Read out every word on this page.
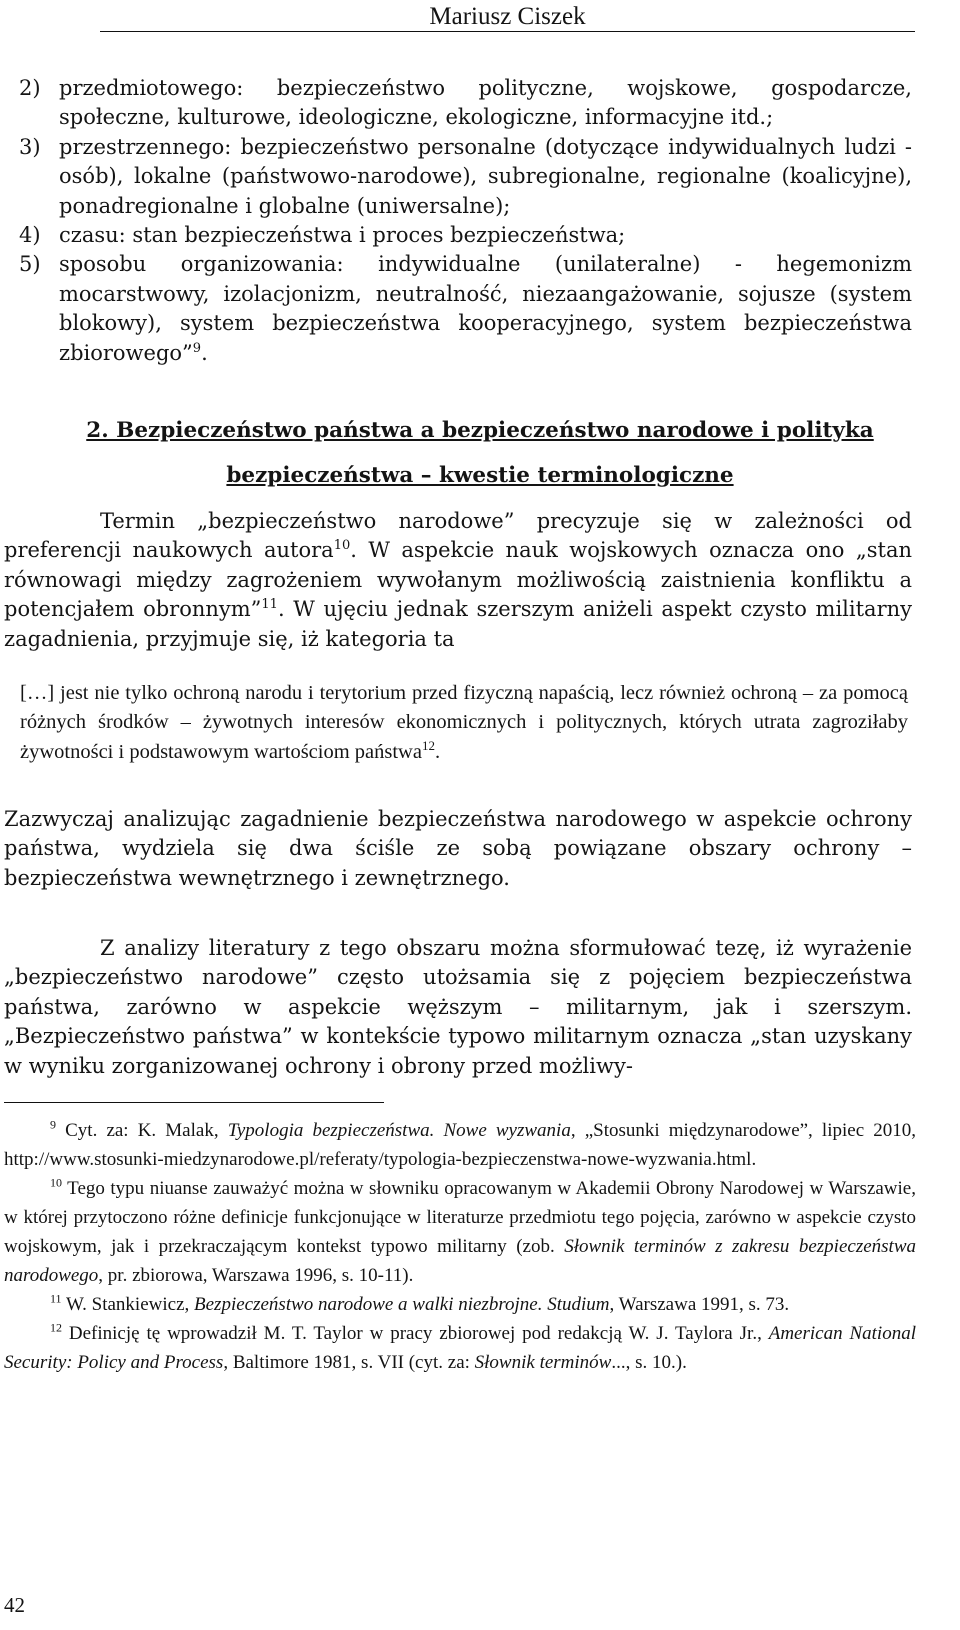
Mariusz Ciszek

2) przedmiotowego: bezpieczeństwo polityczne, wojskowe, gospodarcze, społeczne, kulturowe, ideologiczne, ekologiczne, informacyjne itd.;

3) przestrzennego: bezpieczeństwo personalne (dotyczące indywidualnych ludzi - osób), lokalne (państwowo-narodowe), subregionalne, regionalne (koalicyjne), ponadregionalne i globalne (uniwersalne);

4) czasu: stan bezpieczeństwa i proces bezpieczeństwa;

5) sposobu organizowania: indywidualne (unilateralne) - hegemonizm mocarstwowy, izolacjonizm, neutralność, niezaangażowanie, sojusze (system blokowy), system bezpieczeństwa kooperacyjnego, system bezpieczeństwa zbiorowego”$^9$.

2. Bezpieczeństwo państwa a bezpieczeństwo narodowe i polityka
bezpieczeństwa – kwestie terminologiczne

Termin „bezpieczeństwo narodowe” precyzuje się w zależności od preferencji naukowych autora$^{10}$. W aspekcie nauk wojskowych oznacza ono „stan równowagi między zagrożeniem wywołanym możliwością zaistnienia konfliktu a potencjałem obronnym”$^{11}$. W ujęciu jednak szerszym aniżeli aspekt czysto militarny zagadnienia, przyjmuje się, iż kategoria ta

[…] jest nie tylko ochroną narodu i terytorium przed fizyczną napaścią, lecz również ochroną – za pomocą różnych środków – żywotnych interesów ekonomicznych i politycznych, których utrata zagroziłaby żywotności i podstawowym wartościom państwa$^{12}$.

Zazwyczaj analizując zagadnienie bezpieczeństwa narodowego w aspekcie ochrony państwa, wydziela się dwa ściśle ze sobą powiązane obszary ochrony – bezpieczeństwa wewnętrznego i zewnętrznego.

Z analizy literatury z tego obszaru można sformułować tezę, iż wyrażenie „bezpieczeństwo narodowe” często utożsamia się z pojęciem bezpieczeństwa państwa, zarówno w aspekcie węższym – militarnym, jak i szerszym. „Bezpieczeństwo państwa” w kontekście typowo militarnym oznacza „stan uzyskany w wyniku zorganizowanej ochrony i obrony przed możliwy-

$^9$ Cyt. za: K. Malak, Typologia bezpieczeństwa. Nowe wyzwania, „Stosunki międzynarodowe”, lipiec 2010, http://www.stosunki-miedzynarodowe.pl/referaty/typologia-bezpieczenstwa-nowe-wyzwania.html.

$^{10}$ Tego typu niuanse zauważyć można w słowniku opracowanym w Akademii Obrony Narodowej w Warszawie, w której przytoczono różne definicje funkcjonujące w literaturze przedmiotu tego pojęcia, zarówno w aspekcie czysto wojskowym, jak i przekraczającym kontekst typowo militarny (zob. Słownik terminów z zakresu bezpieczeństwa narodowego, pr. zbiorowa, Warszawa 1996, s. 10-11).

$^{11}$ W. Stankiewicz, Bezpieczeństwo narodowe a walki niezbrojne. Studium, Warszawa 1991, s. 73.

$^{12}$ Definicję tę wprowadził M. T. Taylor w pracy zbiorowej pod redakcją W. J. Taylora Jr., American National Security: Policy and Process, Baltimore 1981, s. VII (cyt. za: Słownik terminów..., s. 10.).

42
